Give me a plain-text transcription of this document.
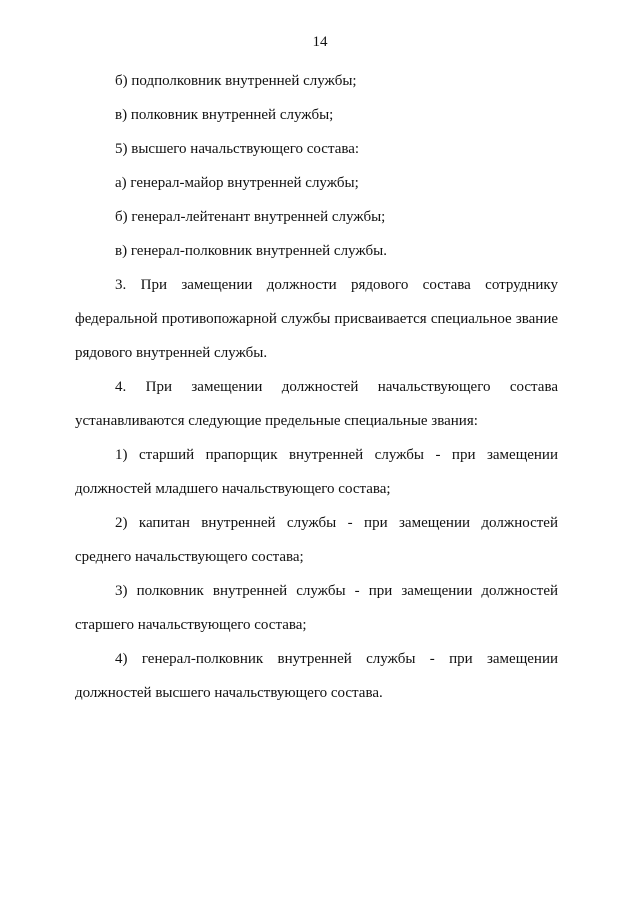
14
б) подполковник внутренней службы;
в) полковник внутренней службы;
5) высшего начальствующего состава:
а) генерал-майор внутренней службы;
б) генерал-лейтенант внутренней службы;
в) генерал-полковник внутренней службы.
3. При замещении должности рядового состава сотруднику
федеральной противопожарной службы присваивается специальное звание
рядового внутренней службы.
4. При замещении должностей начальствующего состава
устанавливаются следующие предельные специальные звания:
1) старший прапорщик внутренней службы - при замещении
должностей младшего начальствующего состава;
2) капитан внутренней службы - при замещении должностей
среднего начальствующего состава;
3) полковник внутренней службы - при замещении должностей
старшего начальствующего состава;
4) генерал-полковник внутренней службы - при замещении
должностей высшего начальствующего состава.
